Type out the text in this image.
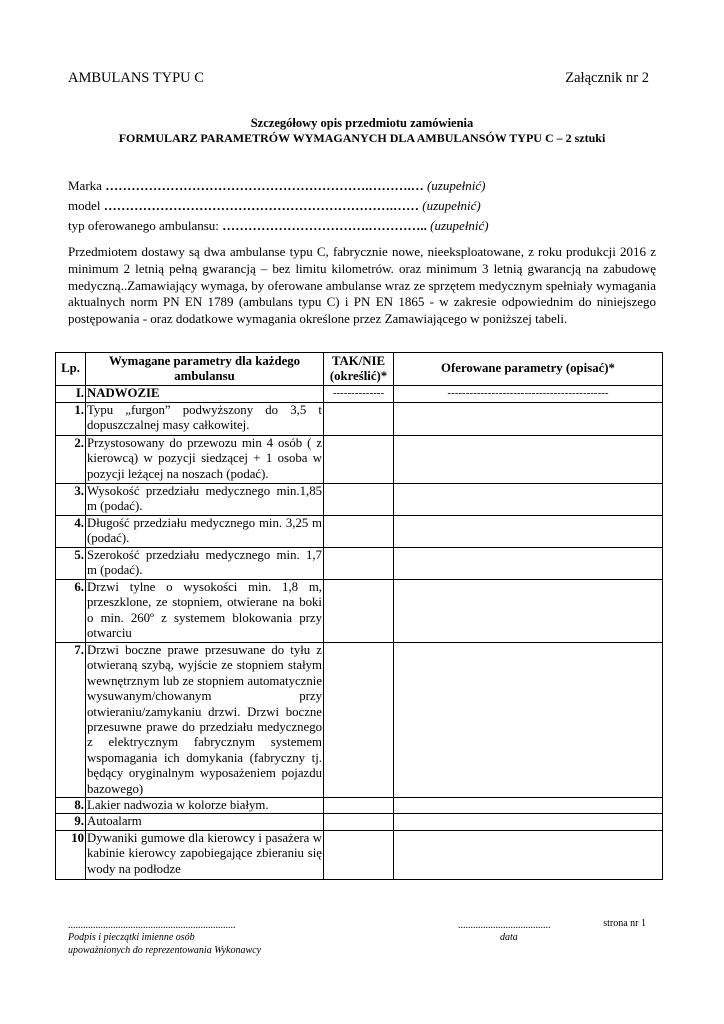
AMBULANS TYPU C	Załącznik nr 2
Szczegółowy opis przedmiotu zamówienia
FORMULARZ PARAMETRÓW WYMAGANYCH DLA AMBULANSÓW TYPU C – 2 sztuki
Marka …………………………………………………….……….… (uzupełnić)
model ………………………………………………………….…… (uzupełnić)
typ oferowanego ambulansu: …………………………….………….. (uzupełnić)
Przedmiotem dostawy są dwa ambulanse typu C, fabrycznie nowe, nieeksploatowane, z roku produkcji 2016 z minimum 2 letnią pełną gwarancją – bez limitu kilometrów. oraz minimum 3 letnią gwarancją na zabudowę medyczną..Zamawiający wymaga, by oferowane ambulanse wraz ze sprzętem medycznym spełniały wymagania aktualnych norm PN EN 1789 (ambulans typu C) i PN EN 1865 - w zakresie odpowiednim do niniejszego postępowania - oraz dodatkowe wymagania określone przez Zamawiającego w poniższej tabeli.
Lp.	Wymagane parametry dla każdego ambulansu	TAK/NIE (określić)*	Oferowane parametry (opisać)*
I.	NADWOZIE	--------------	--------------------------------------------
1.	Typu „furgon” podwyższony do 3,5 t dopuszczalnej masy całkowitej.		
2.	Przystosowany do przewozu min 4 osób ( z kierowcą) w pozycji siedzącej + 1 osoba w pozycji leżącej na noszach (podać).		
3.	Wysokość przedziału medycznego min.1,85 m (podać).		
4.	Długość przedziału medycznego min. 3,25 m (podać).		
5.	Szerokość przedziału medycznego min. 1,7 m (podać).		
6.	Drzwi tylne o wysokości min. 1,8 m, przeszklone, ze stopniem, otwierane na boki o min. 260º z systemem blokowania przy otwarciu		
7.	Drzwi boczne prawe przesuwane do tyłu z otwieraną szybą, wyjście ze stopniem stałym wewnętrznym lub ze stopniem automatycznie wysuwanym/chowanym przy otwieraniu/zamykaniu drzwi. Drzwi boczne przesuwne prawe do przedziału medycznego z elektrycznym fabrycznym systemem wspomagania ich domykania (fabryczny tj. będący oryginalnym wyposażeniem pojazdu bazowego)		
8.	Lakier nadwozia w kolorze białym.		
9.	Autoalarm		
10	Dywaniki gumowe dla kierowcy i pasażera w kabinie kierowcy zapobiegające zbieraniu się wody na podłodze		
...................................................................
Podpis i pieczątki imienne osób
upoważnionych do reprezentowania Wykonawcy
.....................................
data
strona nr 1
